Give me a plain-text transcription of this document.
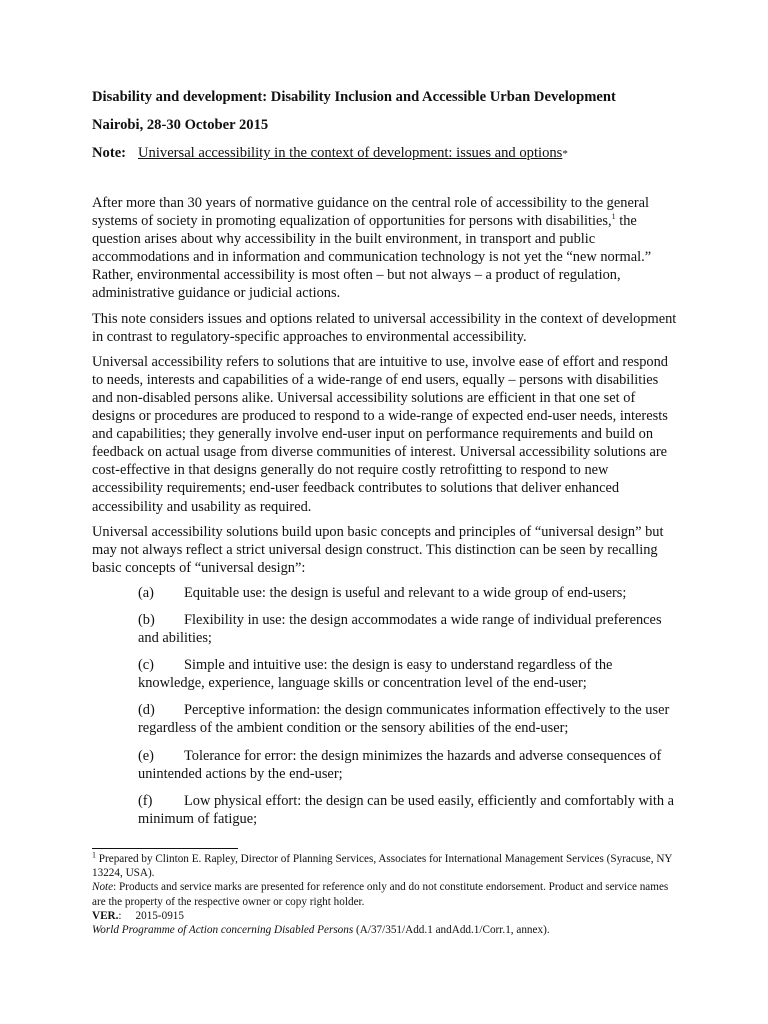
Disability and development: Disability Inclusion and Accessible Urban Development
Nairobi, 28-30 October 2015
Note: Universal accessibility in the context of development: issues and options*

After more than 30 years of normative guidance on the central role of accessibility to the general systems of society in promoting equalization of opportunities for persons with disabilities,$^1$ the question arises about why accessibility in the built environment, in transport and public accommodations and in information and communication technology is not yet the “new normal.” Rather, environmental accessibility is most often – but not always – a product of regulation, administrative guidance or judicial actions.

This note considers issues and options related to universal accessibility in the context of development in contrast to regulatory-specific approaches to environmental accessibility.

Universal accessibility refers to solutions that are intuitive to use, involve ease of effort and respond to needs, interests and capabilities of a wide-range of end users, equally – persons with disabilities and non-disabled persons alike. Universal accessibility solutions are efficient in that one set of designs or procedures are produced to respond to a wide-range of expected end-user needs, interests and capabilities; they generally involve end-user input on performance requirements and build on feedback on actual usage from diverse communities of interest. Universal accessibility solutions are cost-effective in that designs generally do not require costly retrofitting to respond to new accessibility requirements; end-user feedback contributes to solutions that deliver enhanced accessibility and usability as required.

Universal accessibility solutions build upon basic concepts and principles of “universal design” but may not always reflect a strict universal design construct. This distinction can be seen by recalling basic concepts of “universal design”:

(a) Equitable use: the design is useful and relevant to a wide group of end-users;
(b) Flexibility in use: the design accommodates a wide range of individual preferences and abilities;
(c) Simple and intuitive use: the design is easy to understand regardless of the knowledge, experience, language skills or concentration level of the end-user;
(d) Perceptive information: the design communicates information effectively to the user regardless of the ambient condition or the sensory abilities of the end-user;
(e) Tolerance for error: the design minimizes the hazards and adverse consequences of unintended actions by the end-user;
(f) Low physical effort: the design can be used easily, efficiently and comfortably with a minimum of fatigue;
$^1$ Prepared by Clinton E. Rapley, Director of Planning Services, Associates for International Management Services (Syracuse, NY 13224, USA).
Note: Products and service marks are presented for reference only and do not constitute endorsement. Product and service names are the property of the respective owner or copy right holder.
VER.:     2015-0915
World Programme of Action concerning Disabled Persons (A/37/351/Add.1 andAdd.1/Corr.1, annex).
